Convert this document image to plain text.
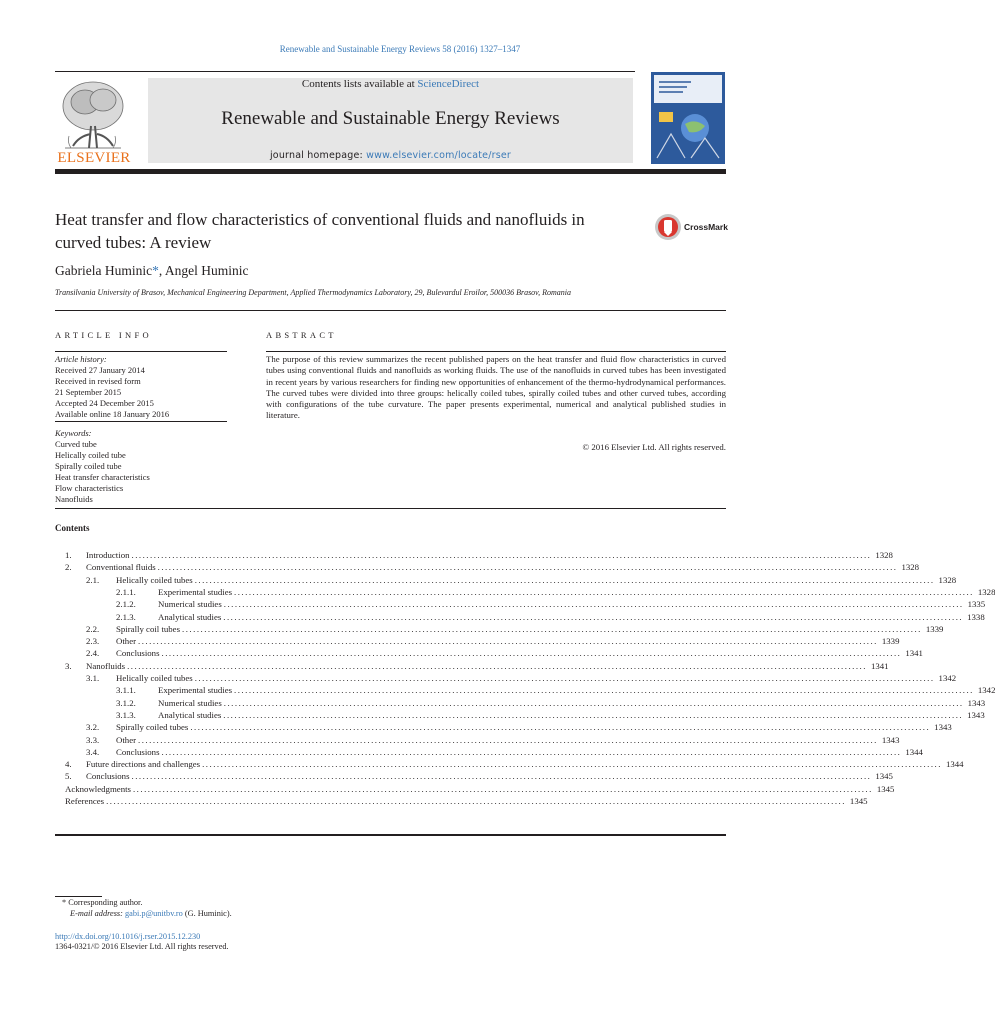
Renewable and Sustainable Energy Reviews 58 (2016) 1327–1347
ELSEVIER
Contents lists available at ScienceDirect
Renewable and Sustainable Energy Reviews
journal homepage: www.elsevier.com/locate/rser
Heat transfer and flow characteristics of conventional fluids and nanofluids in curved tubes: A review
CrossMark
Gabriela Huminic*, Angel Huminic
Transilvania University of Brasov, Mechanical Engineering Department, Applied Thermodynamics Laboratory, 29, Bulevardul Eroilor, 500036 Brasov, Romania
ARTICLE INFO	ABSTRACT
Article history:
Received 27 January 2014
Received in revised form
21 September 2015
Accepted 24 December 2015
Available online 18 January 2016
Keywords:
Curved tube
Helically coiled tube
Spirally coiled tube
Heat transfer characteristics
Flow characteristics
Nanofluids
The purpose of this review summarizes the recent published papers on the heat transfer and fluid flow characteristics in curved tubes using conventional fluids and nanofluids as working fluids. The use of the nanofluids in curved tubes has been investigated in recent years by various researchers for finding new opportunities of enhancement of the thermo-hydrodynamical performances. The curved tubes were divided into three groups: helically coiled tubes, spirally coiled tubes and other curved tubes, according with configurations of the tube curvature. The paper presents experimental, numerical and analytical published studies in literature.
© 2016 Elsevier Ltd. All rights reserved.
Contents
1.	Introduction ........................................................................................................................................................................................................ 1328
2.	Conventional fluids ........................................................................................................................................................................................................ 1328
2.1.	Helically coiled tubes ........................................................................................................................................................................................................ 1328
2.1.1.	Experimental studies ........................................................................................................................................................................................................ 1328
2.1.2.	Numerical studies ........................................................................................................................................................................................................ 1335
2.1.3.	Analytical studies ........................................................................................................................................................................................................ 1338
2.2.	Spirally coil tubes ........................................................................................................................................................................................................ 1339
2.3.	Other ........................................................................................................................................................................................................ 1339
2.4.	Conclusions ........................................................................................................................................................................................................ 1341
3.	Nanofluids ........................................................................................................................................................................................................ 1341
3.1.	Helically coiled tubes ........................................................................................................................................................................................................ 1342
3.1.1.	Experimental studies ........................................................................................................................................................................................................ 1342
3.1.2.	Numerical studies ........................................................................................................................................................................................................ 1343
3.1.3.	Analytical studies ........................................................................................................................................................................................................ 1343
3.2.	Spirally coiled tubes ........................................................................................................................................................................................................ 1343
3.3.	Other ........................................................................................................................................................................................................ 1343
3.4.	Conclusions ........................................................................................................................................................................................................ 1344
4.	Future directions and challenges ........................................................................................................................................................................................................ 1344
5.	Conclusions ........................................................................................................................................................................................................ 1345
Acknowledgments ........................................................................................................................................................................................................ 1345
References ........................................................................................................................................................................................................ 1345
* Corresponding author.
E-mail address: gabi.p@unitbv.ro (G. Huminic).
http://dx.doi.org/10.1016/j.rser.2015.12.230
1364-0321/© 2016 Elsevier Ltd. All rights reserved.
